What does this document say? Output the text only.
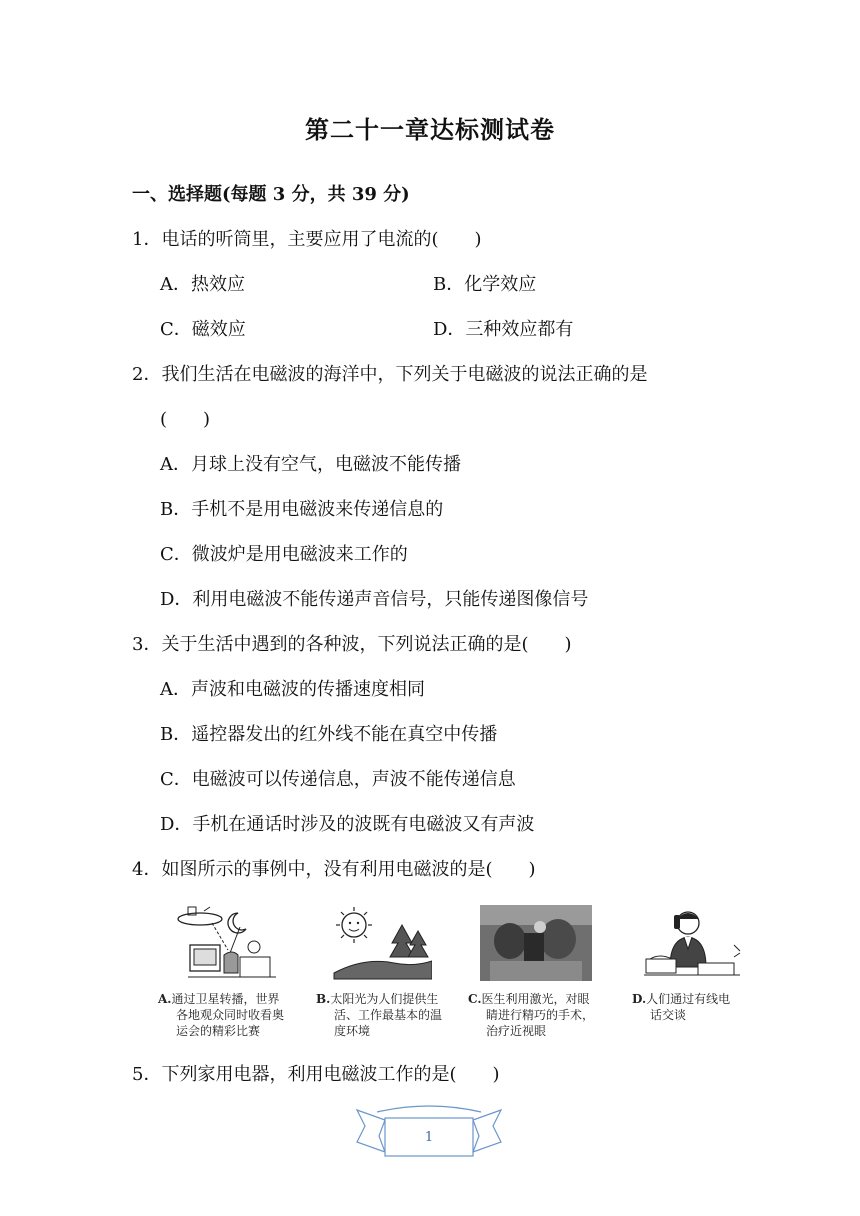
第二十一章达标测试卷
一、选择题(每题 3 分，共 39 分)
1．电话的听筒里，主要应用了电流的(　　)
A．热效应	B．化学效应
C．磁效应	D．三种效应都有
2．我们生活在电磁波的海洋中，下列关于电磁波的说法正确的是
(　　)
A．月球上没有空气，电磁波不能传播
B．手机不是用电磁波来传递信息的
C．微波炉是用电磁波来工作的
D．利用电磁波不能传递声音信号，只能传递图像信号
3．关于生活中遇到的各种波，下列说法正确的是(　　)
A．声波和电磁波的传播速度相同
B．遥控器发出的红外线不能在真空中传播
C．电磁波可以传递信息，声波不能传递信息
D．手机在通话时涉及的波既有电磁波又有声波
4．如图所示的事例中，没有利用电磁波的是(　　)
A.通过卫星转播，世界
各地观众同时收看奥
运会的精彩比赛
B.太阳光为人们提供生
活、工作最基本的温
度环境
C.医生利用激光，对眼
睛进行精巧的手术，
治疗近视眼
D.人们通过有线电
话交谈
5．下列家用电器，利用电磁波工作的是(　　)
1
